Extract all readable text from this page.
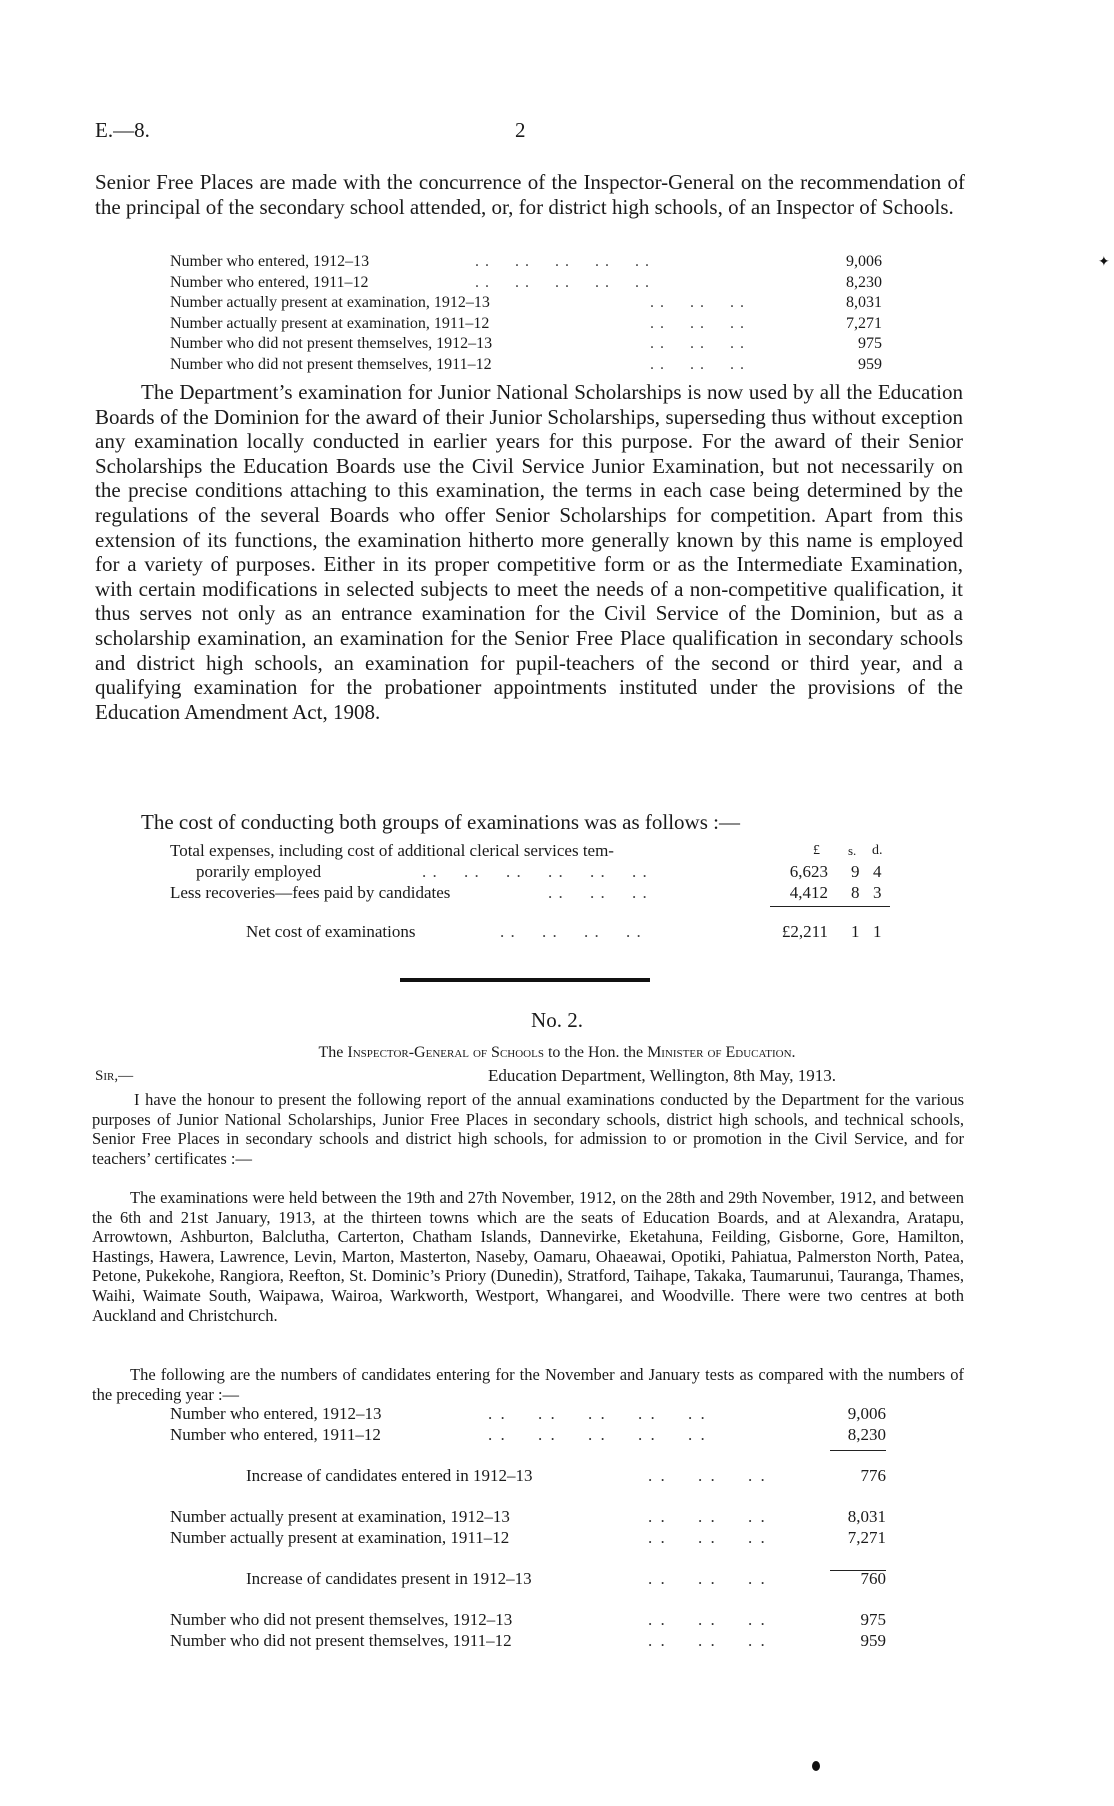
E.—8.	2

Senior Free Places are made with the concurrence of the Inspector-General on the recommendation of the principal of the secondary school attended, or, for district high schools, of an Inspector of Schools.

Number who entered, 1912–13	. .     . .     . .     . .     . .	9,006
Number who entered, 1911–12	. .     . .     . .     . .     . .	8,230
Number actually present at examination, 1912–13	. .     . .     . .	8,031
Number actually present at examination, 1911–12	. .     . .     . .	7,271
Number who did not present themselves, 1912–13	. .     . .     . .	975
Number who did not present themselves, 1911–12	. .     . .     . .	959

The Department’s examination for Junior National Scholarships is now used by all the Education Boards of the Dominion for the award of their Junior Scholarships, superseding thus without exception any examination locally conducted in earlier years for this purpose. For the award of their Senior Scholarships the Education Boards use the Civil Service Junior Examination, but not necessarily on the precise conditions attaching to this examination, the terms in each case being determined by the regulations of the several Boards who offer Senior Scholarships for competition. Apart from this extension of its functions, the examination hitherto more generally known by this name is employed for a variety of purposes. Either in its proper competitive form or as the Intermediate Examination, with certain modifications in selected subjects to meet the needs of a non-competitive qualification, it thus serves not only as an entrance examination for the Civil Service of the Dominion, but as a scholarship examination, an examination for the Senior Free Place qualification in secondary schools and district high schools, an examination for pupil-teachers of the second or third year, and a qualifying examination for the probationer appointments instituted under the provisions of the Education Amendment Act, 1908.

The cost of conducting both groups of examinations was as follows :—

Total expenses, including cost of additional clerical services tem-	£ s. d.
porarily employed	. .     . .     . .     . .     . .     . .	6,623 9 4
Less recoveries—fees paid by candidates	. .     . .     . .	4,412 8 3
Net cost of examinations	. .     . .     . .     . .	£2,211 1 1
No. 2.
The Inspector-General of Schools to the Hon. the Minister of Education.
Sir,—	Education Department, Wellington, 8th May, 1913.

I have the honour to present the following report of the annual examinations conducted by the Department for the various purposes of Junior National Scholarships, Junior Free Places in secondary schools, district high schools, and technical schools, Senior Free Places in secondary schools and district high schools, for admission to or promotion in the Civil Service, and for teachers’ certificates :—

The examinations were held between the 19th and 27th November, 1912, on the 28th and 29th November, 1912, and between the 6th and 21st January, 1913, at the thirteen towns which are the seats of Education Boards, and at Alexandra, Aratapu, Arrowtown, Ashburton, Balclutha, Carterton, Chatham Islands, Dannevirke, Eketahuna, Feilding, Gisborne, Gore, Hamilton, Hastings, Hawera, Lawrence, Levin, Marton, Masterton, Naseby, Oamaru, Ohaeawai, Opotiki, Pahiatua, Palmerston North, Patea, Petone, Pukekohe, Rangiora, Reefton, St. Dominic’s Priory (Dunedin), Stratford, Taihape, Takaka, Taumarunui, Tauranga, Thames, Waihi, Waimate South, Waipawa, Wairoa, Warkworth, Westport, Whangarei, and Woodville. There were two centres at both Auckland and Christchurch.

The following are the numbers of candidates entering for the November and January tests as compared with the numbers of the preceding year :—

Number who entered, 1912–13	. .     . .     . .     . .     . .	9,006
Number who entered, 1911–12	. .     . .     . .     . .     . .	8,230
Increase of candidates entered in 1912–13	. .     . .     . .	776
Number actually present at examination, 1912–13	. .     . .     . .	8,031
Number actually present at examination, 1911–12	. .     . .     . .	7,271
Increase of candidates present in 1912–13	. .     . .     . .	760
Number who did not present themselves, 1912–13	. .     . .     . .	975
Number who did not present themselves, 1911–12	. .     . .     . .	959
✦
